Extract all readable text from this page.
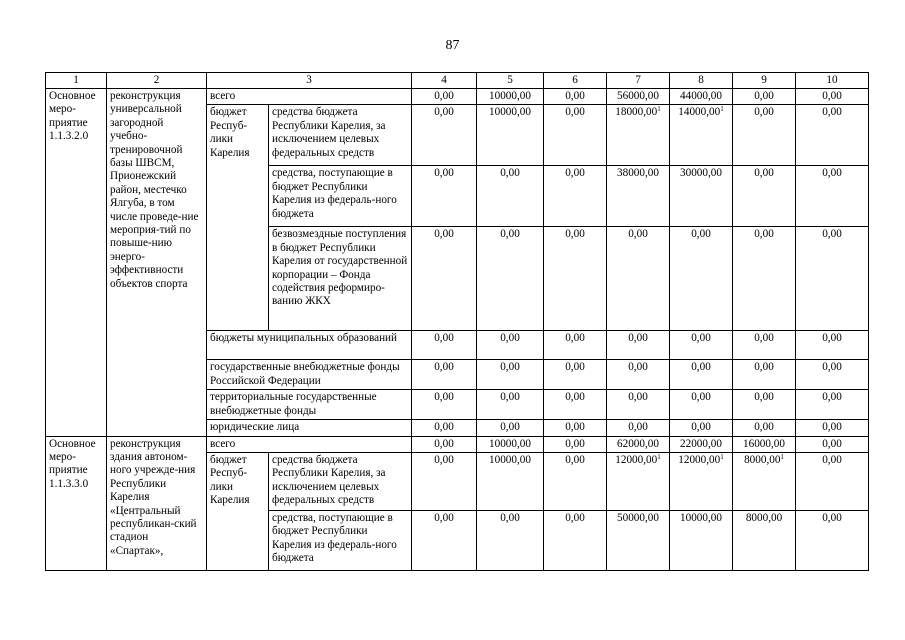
87
1	2	3		4	5	6	7	8	9	10

Основное меро-приятие 1.1.3.2.0	реконструкция универсальной загородной учебно-тренировочной базы ШВСМ, Прионежский район, местечко Ялгуба, в том числе проведе-ние мероприя-тий по повыше-нию энерго-эффективности объектов спорта	всего		0,00	10000,00	0,00	56000,00	44000,00	0,00	0,00

		бюджет Респуб-лики Карелия	средства бюджета Республики Карелия, за исключением целевых федеральных средств	0,00	10000,00	0,00	18000,00$^1$	14000,00$^1$	0,00	0,00

			средства, поступающие в бюджет Республики Карелия из федераль-ного бюджета	0,00	0,00	0,00	38000,00	30000,00	0,00	0,00

			безвозмездные поступления в бюджет Республики Карелия от государственной корпорации – Фонда содействия реформиро-ванию ЖКХ	0,00	0,00	0,00	0,00	0,00	0,00	0,00

		бюджеты муниципальных образований		0,00	0,00	0,00	0,00	0,00	0,00	0,00

		государственные внебюджетные фонды Российской Федерации		0,00	0,00	0,00	0,00	0,00	0,00	0,00

		территориальные государственные внебюджетные фонды		0,00	0,00	0,00	0,00	0,00	0,00	0,00

		юридические лица		0,00	0,00	0,00	0,00	0,00	0,00	0,00

Основное меро-приятие 1.1.3.3.0	реконструкция здания автоном-ного учрежде-ния Республики Карелия «Центральный республикан-ский стадион «Спартак»,	всего		0,00	10000,00	0,00	62000,00	22000,00	16000,00	0,00

		бюджет Респуб-лики Карелия	средства бюджета Республики Карелия, за исключением целевых федеральных средств	0,00	10000,00	0,00	12000,00$^1$	12000,00$^1$	8000,00$^1$	0,00

			средства, поступающие в бюджет Республики Карелия из федераль-ного бюджета	0,00	0,00	0,00	50000,00	10000,00	8000,00	0,00
